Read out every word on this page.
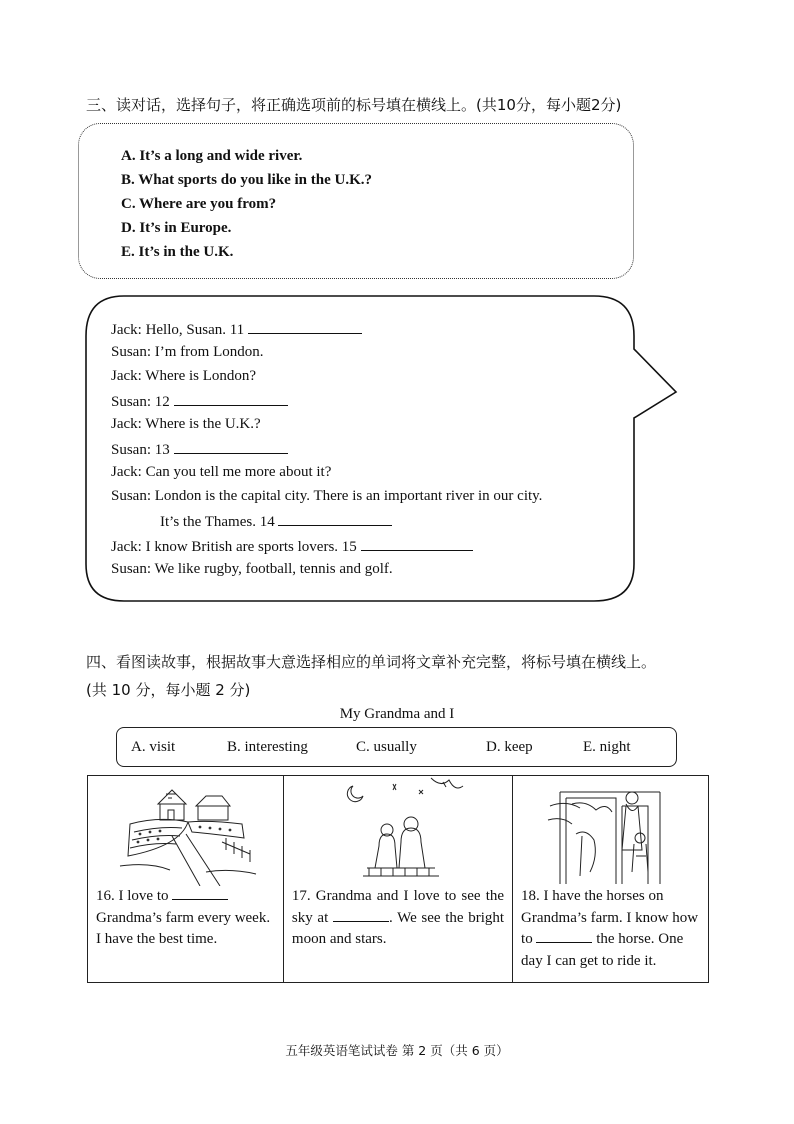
三、读对话，选择句子，将正确选项前的标号填在横线上。(共10分，每小题2分)
A. It’s a long and wide river.
B. What sports do you like in the U.K.?
C. Where are you from?
D. It’s in Europe.
E. It’s in the U.K.
Jack: Hello, Susan. 11
Susan: I’m from London.
Jack: Where is London?
Susan: 12
Jack: Where is the U.K.?
Susan: 13
Jack: Can you tell me more about it?
Susan: London is the capital city. There is an important river in our city.
It’s the Thames. 14
Jack: I know British are sports lovers. 15
Susan: We like rugby, football, tennis and golf.
四、看图读故事，根据故事大意选择相应的单词将文章补充完整，将标号填在横线上。
(共 10 分，每小题 2 分)
My Grandma and I
A. visit	B. interesting	C. usually	D. keep	E. night
16. I love to  Grandma’s farm every week. I have the best time.

17. Grandma and I love to see the sky at	. We see the bright moon and stars.

18. I have the horses on Grandma’s farm. I know how to	the horse. One day I can get to ride it.
五年级英语笔试试卷 第 2 页（共 6 页）
